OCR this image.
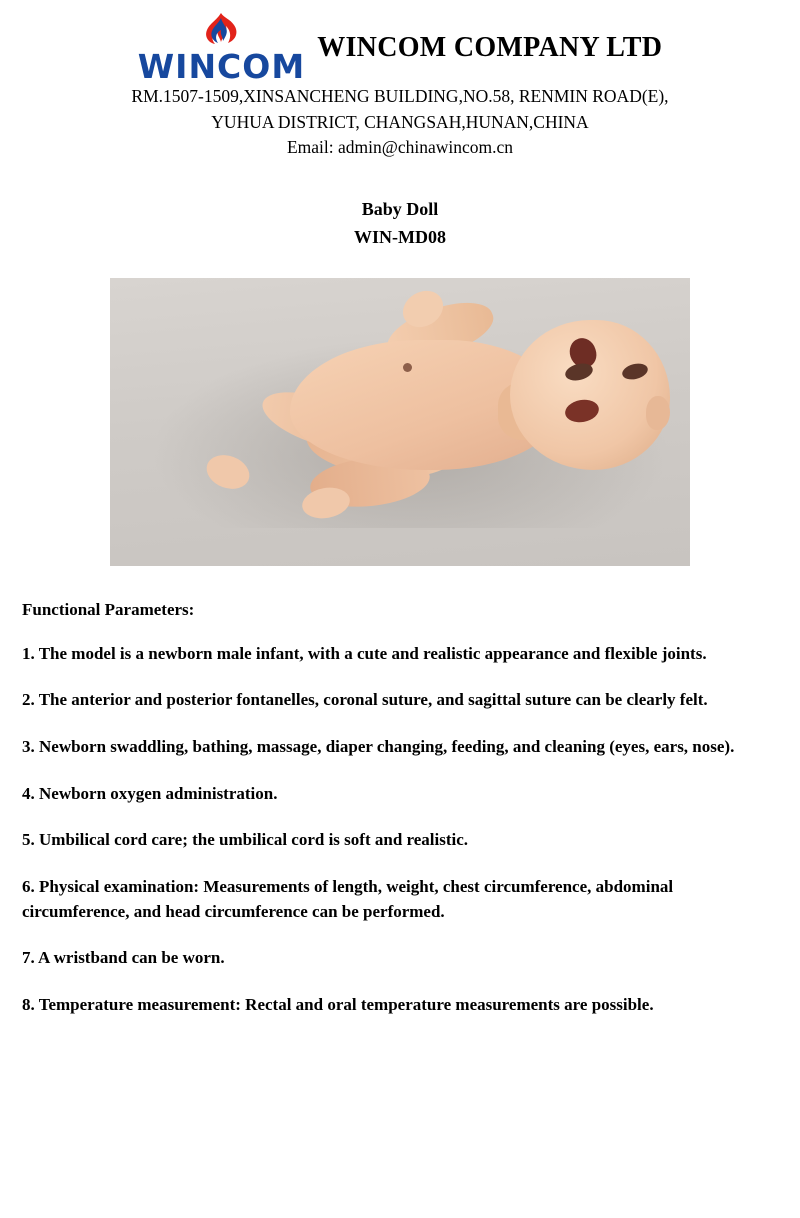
WINCOM WINCOM COMPANY LTD
RM.1507-1509,XINSANCHENG BUILDING,NO.58, RENMIN ROAD(E),
YUHUA DISTRICT, CHANGSAH,HUNAN,CHINA
Email: admin@chinawincom.cn
Baby Doll
WIN-MD08
Functional Parameters:

1. The model is a newborn male infant, with a cute and realistic appearance and flexible joints.

2. The anterior and posterior fontanelles, coronal suture, and sagittal suture can be clearly felt.

3. Newborn swaddling, bathing, massage, diaper changing, feeding, and cleaning (eyes, ears, nose).

4. Newborn oxygen administration.

5. Umbilical cord care; the umbilical cord is soft and realistic.

6. Physical examination: Measurements of length, weight, chest circumference, abdominal circumference, and head circumference can be performed.

7. A wristband can be worn.

8. Temperature measurement: Rectal and oral temperature measurements are possible.
